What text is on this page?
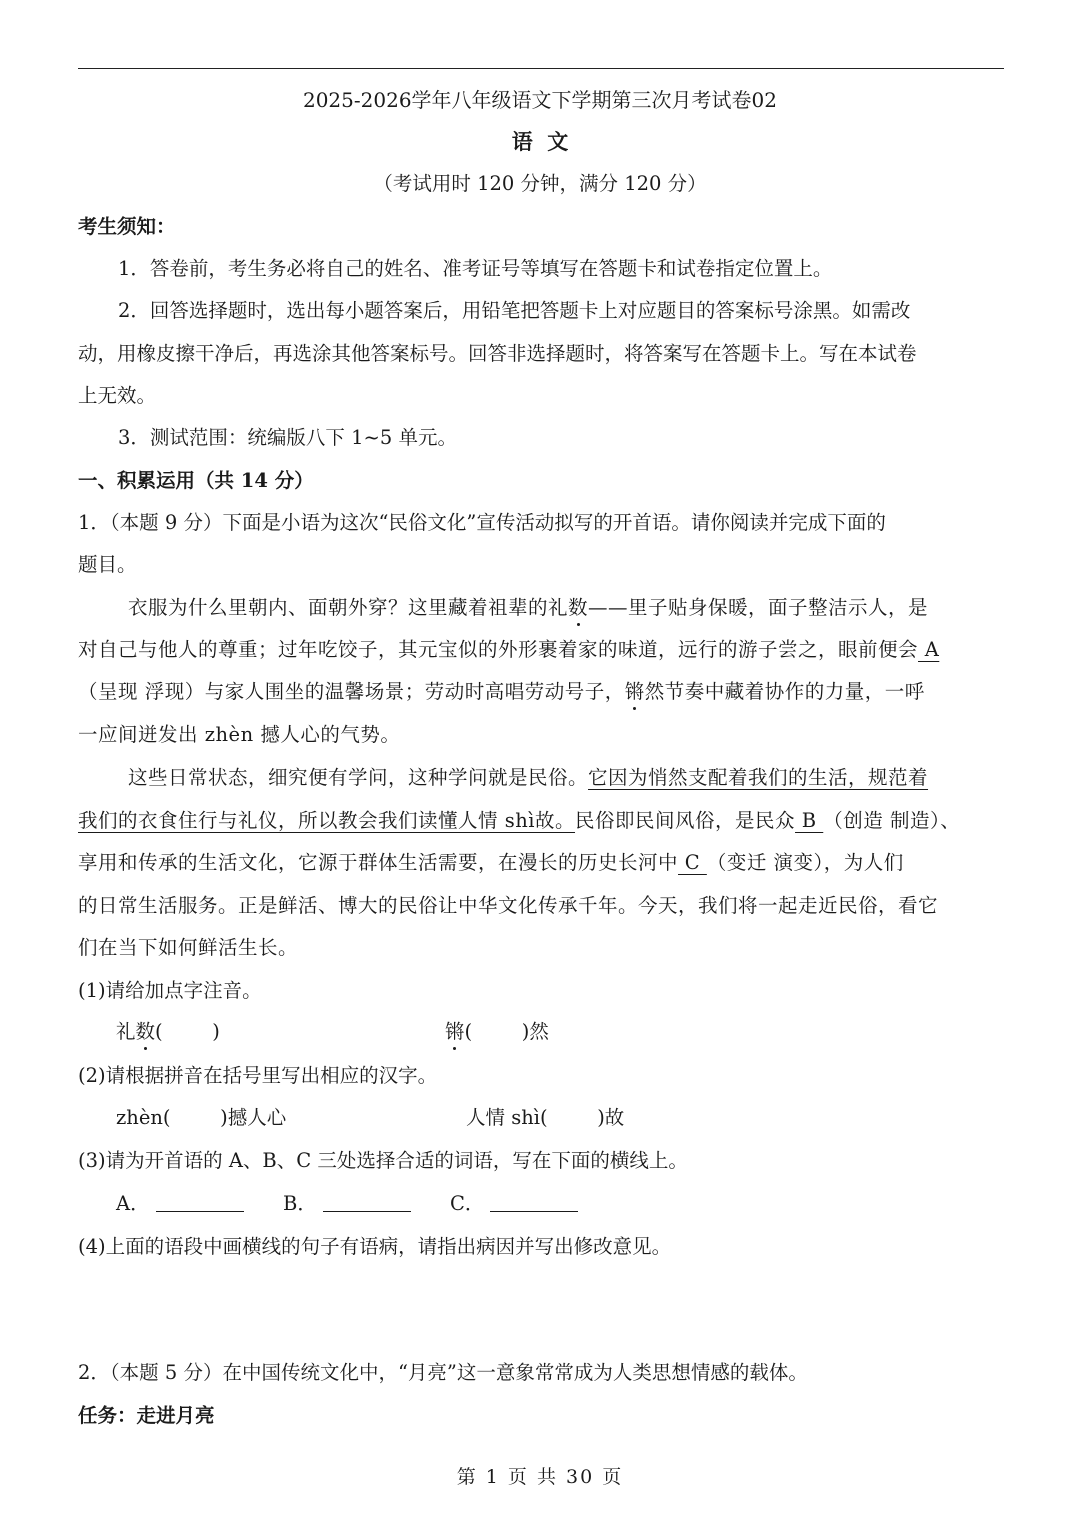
2025-2026学年八年级语文下学期第三次月考试卷02
语  文
（考试用时 120 分钟，满分 120 分）
考生须知：
1．答卷前，考生务必将自己的姓名、准考证号等填写在答题卡和试卷指定位置上。
2．回答选择题时，选出每小题答案后，用铅笔把答题卡上对应题目的答案标号涂黑。如需改
动，用橡皮擦干净后，再选涂其他答案标号。回答非选择题时，将答案写在答题卡上。写在本试卷
上无效。
3．测试范围：统编版八下 1~5 单元。
一、积累运用（共 14 分）
1．（本题 9 分）下面是小语为这次“民俗文化”宣传活动拟写的开首语。请你阅读并完成下面的
题目。
衣服为什么里朝内、面朝外穿？这里藏着祖辈的礼数——里子贴身保暖，面子整洁示人，是
对自己与他人的尊重；过年吃饺子，其元宝似的外形裹着家的味道，远行的游子尝之，眼前便会 A
（呈现 浮现）与家人围坐的温馨场景；劳动时高唱劳动号子，锵然节奏中藏着协作的力量，一呼
一应间迸发出 zhèn 撼人心的气势。
这些日常状态，细究便有学问，这种学问就是民俗。它因为悄然支配着我们的生活，规范着
我们的衣食住行与礼仪，所以教会我们读懂人情 shì故。民俗即民间风俗，是民众 B （创造 制造）、
享用和传承的生活文化，它源于群体生活需要，在漫长的历史长河中 C （变迁 演变），为人们
的日常生活服务。正是鲜活、博大的民俗让中华文化传承千年。今天，我们将一起走近民俗，看它
们在当下如何鲜活生长。
(1)请给加点字注音。
礼数(        )	锵(        )然
(2)请根据拼音在括号里写出相应的汉字。
zhèn(        )撼人心	人情 shì(        )故
(3)请为开首语的 A、B、C 三处选择合适的词语，写在下面的横线上。
A．	B．	C．
(4)上面的语段中画横线的句子有语病，请指出病因并写出修改意见。
2．（本题 5 分）在中国传统文化中，“月亮”这一意象常常成为人类思想情感的载体。
任务：走进月亮
第 1 页 共 30 页
